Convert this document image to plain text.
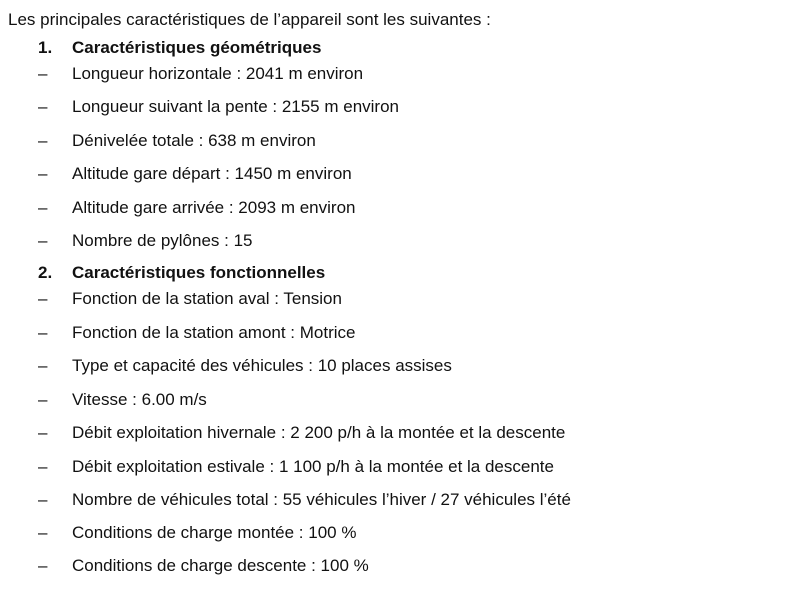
Les principales caractéristiques de l’appareil sont les suivantes :
1. Caractéristiques géométriques
– Longueur horizontale : 2041 m environ
– Longueur suivant la pente : 2155 m environ
– Dénivelée totale : 638 m environ
– Altitude gare départ : 1450 m environ
– Altitude gare arrivée : 2093 m environ
– Nombre de pylônes : 15
2. Caractéristiques fonctionnelles
– Fonction de la station aval : Tension
– Fonction de la station amont : Motrice
– Type et capacité des véhicules : 10 places assises
– Vitesse : 6.00 m/s
– Débit exploitation hivernale : 2 200 p/h à la montée et la descente
– Débit exploitation estivale : 1 100 p/h à la montée et la descente
– Nombre de véhicules total : 55 véhicules l’hiver / 27 véhicules l’été
– Conditions de charge montée : 100 %
– Conditions de charge descente : 100 %
